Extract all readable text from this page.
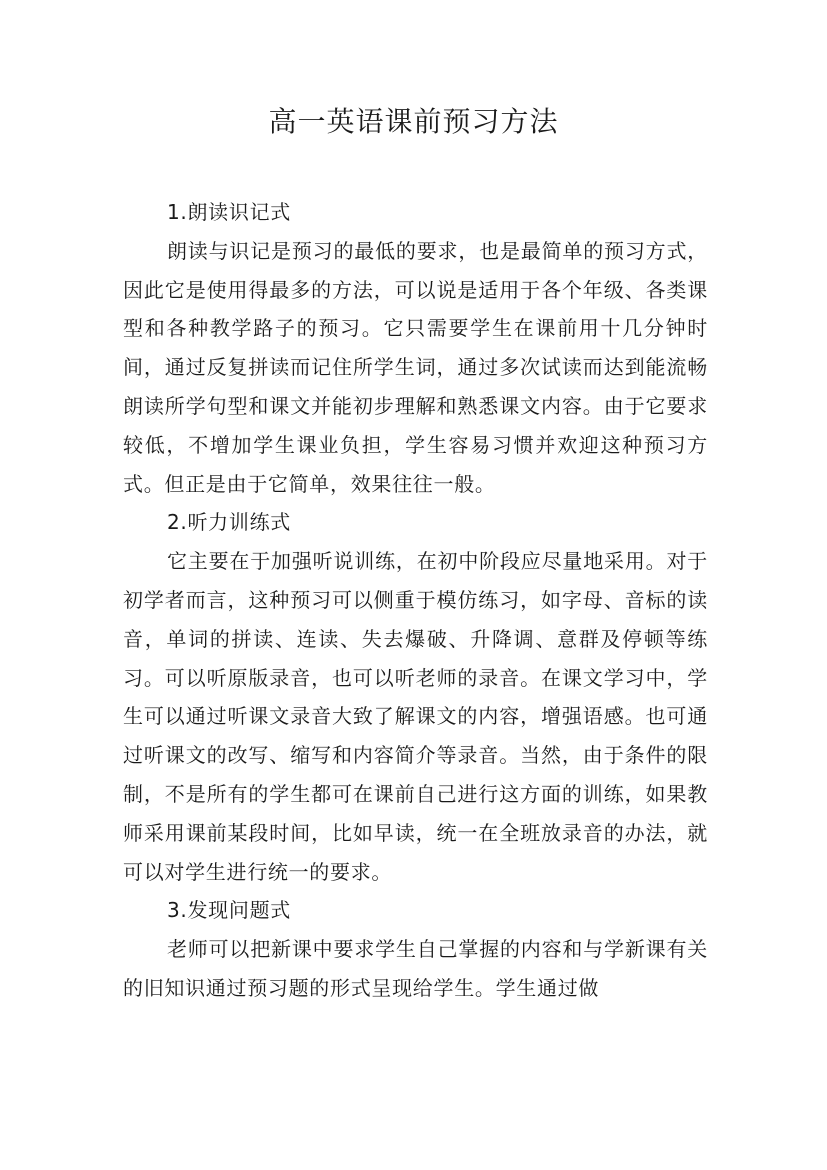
高一英语课前预习方法

1.朗读识记式

朗读与识记是预习的最低的要求，也是最简单的预习方式，因此它是使用得最多的方法，可以说是适用于各个年级、各类课型和各种教学路子的预习。它只需要学生在课前用十几分钟时间，通过反复拼读而记住所学生词，通过多次试读而达到能流畅朗读所学句型和课文并能初步理解和熟悉课文内容。由于它要求较低，不增加学生课业负担，学生容易习惯并欢迎这种预习方式。但正是由于它简单，效果往往一般。

2.听力训练式

它主要在于加强听说训练，在初中阶段应尽量地采用。对于初学者而言，这种预习可以侧重于模仿练习，如字母、音标的读音，单词的拼读、连读、失去爆破、升降调、意群及停顿等练习。可以听原版录音，也可以听老师的录音。在课文学习中，学生可以通过听课文录音大致了解课文的内容，增强语感。也可通过听课文的改写、缩写和内容简介等录音。当然，由于条件的限制，不是所有的学生都可在课前自己进行这方面的训练，如果教师采用课前某段时间，比如早读，统一在全班放录音的办法，就可以对学生进行统一的要求。

3.发现问题式

老师可以把新课中要求学生自己掌握的内容和与学新课有关的旧知识通过预习题的形式呈现给学生。学生通过做
